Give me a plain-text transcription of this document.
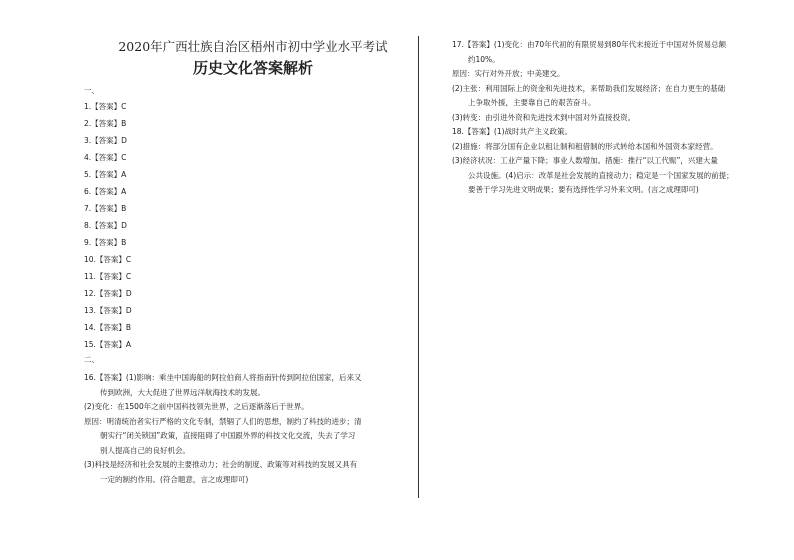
2020年广西壮族自治区梧州市初中学业水平考试
历史文化答案解析
一、
1.【答案】C
2.【答案】B
3.【答案】D
4.【答案】C
5.【答案】A
6.【答案】A
7.【答案】B
8.【答案】D
9.【答案】B
10.【答案】C
11.【答案】C
12.【答案】D
13.【答案】D
14.【答案】B
15.【答案】A
二、
16.【答案】(1)影响：乘坐中国海船的阿拉伯商人将指南针传到阿拉伯国家，后来又
传到欧洲，大大促进了世界远洋航海技术的发展。
(2)变化：在1500年之前中国科技领先世界，之后逐渐落后于世界。
原因：明清统治者实行严格的文化专制，禁锢了人们的思想，制约了科技的进步；清
朝实行“闭关锁国”政策，直接阻碍了中国跟外界的科技文化交流，失去了学习
别人提高自己的良好机会。
(3)科技是经济和社会发展的主要推动力；社会的制度、政策等对科技的发展又具有
一定的制约作用。(符合题意，言之成理即可)
17.【答案】(1)变化：由70年代初的有限贸易到80年代末接近于中国对外贸易总额
约10%。
原因：实行对外开放；中美建交。
(2)主张：利用国际上的资金和先进技术，来帮助我们发展经济；在自力更生的基础
上争取外援，主要靠自己的艰苦奋斗。
(3)转变：由引进外资和先进技术到中国对外直接投资。
18.【答案】(1)战时共产主义政策。
(2)措施：将部分国有企业以租让制和租借制的形式转给本国和外国资本家经营。
(3)经济状况：工业产量下降；事业人数增加。措施：推行“以工代赈”，兴建大量
公共设施。(4)启示：改革是社会发展的直接动力；稳定是一个国家发展的前提；
要善于学习先进文明成果；要有选择性学习外来文明。(言之成理即可)
